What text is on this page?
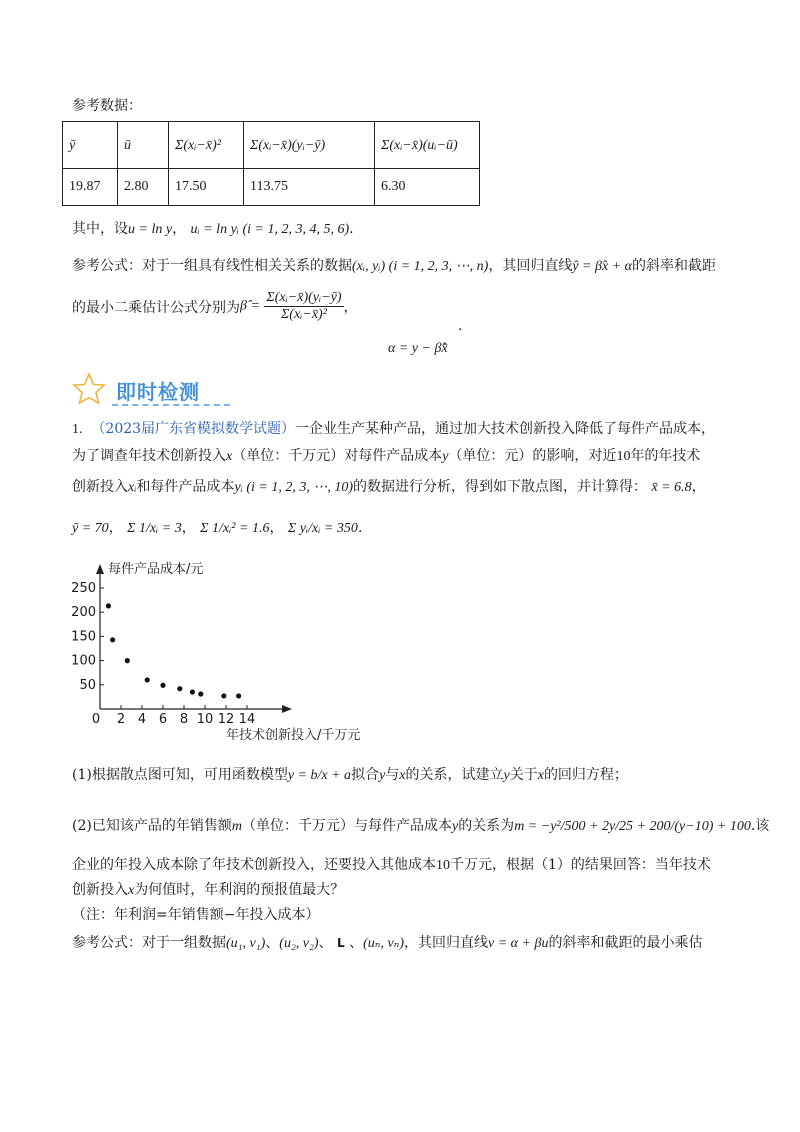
参考数据：
ȳ	ū	Σ(xᵢ−x̄)²	Σ(xᵢ−x̄)(yᵢ−ȳ)	Σ(xᵢ−x̄)(uᵢ−ū)
19.87	2.80	17.50	113.75	6.30
其中，设u = ln y， uᵢ = ln yᵢ (i = 1, 2, 3, 4, 5, 6).
参考公式：对于一组具有线性相关关系的数据(xᵢ, yᵢ) (i = 1, 2, 3, ⋯, n)，其回归直线ŷ = β̂x + α的斜率和截距
的最小二乘估计公式分别为β̂ = $\frac{\text{Σ(xᵢ−x̄)(yᵢ−ȳ)}}{\text{Σ(xᵢ−x̄)²}}$ ，
α = y − β̂x̄
.
即时检测
1. （2023届广东省模拟数学试题）一企业生产某种产品，通过加大技术创新投入降低了每件产品成本，
为了调查年技术创新投入x（单位：千万元）对每件产品成本y（单位：元）的影响，对近10年的年技术
创新投入xᵢ和每件产品成本yᵢ (i = 1, 2, 3, ⋯, 10)的数据进行分析，得到如下散点图，并计算得： x̄ = 6.8，
ȳ = 70， Σ 1/xᵢ = 3， Σ 1/xᵢ² = 1.6， Σ yᵢ/xᵢ = 350.
0 2 4 6 8 10 12 14
50
100
150
200
250
每件产品成本/元
年技术创新投入/千万元
(1)根据散点图可知，可用函数模型y = b/x + a拟合y与x的关系，试建立y关于x的回归方程；
(2)已知该产品的年销售额m（单位：千万元）与每件产品成本y的关系为m = −y²/500 + 2y/25 + 200/(y−10) + 100.该
企业的年投入成本除了年技术创新投入，还要投入其他成本10千万元，根据（1）的结果回答：当年技术
创新投入x为何值时，年利润的预报值最大？
（注：年利润=年销售额−年投入成本）
参考公式：对于一组数据(u₁, v₁)、(u₂, v₂)、 L 、(uₙ, vₙ)，其回归直线v = α + βu的斜率和截距的最小乘估
